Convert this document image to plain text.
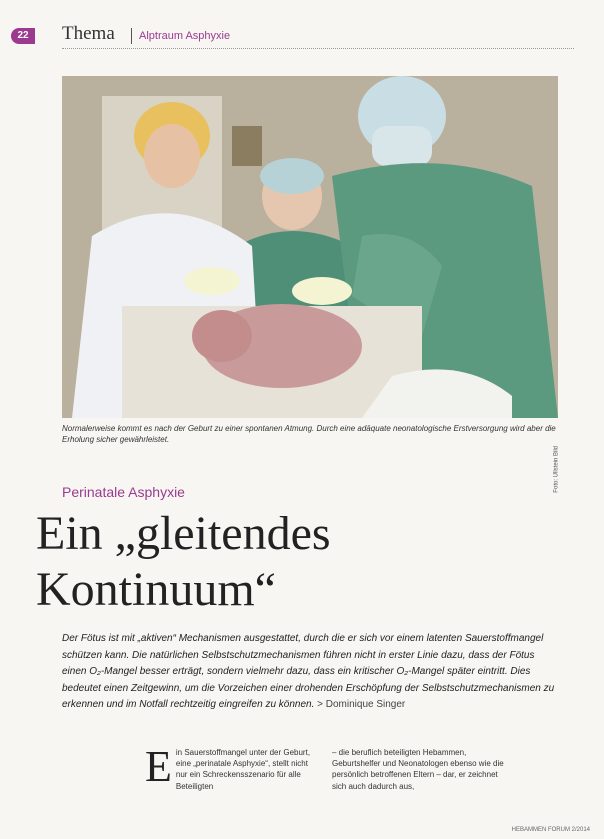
22	Thema Alptraum Asphyxie
Foto: Ullstein Bild
Normalerweise kommt es nach der Geburt zu einer spontanen Atmung. Durch eine adäquate neonatologische Erstversorgung wird aber die Erholung sicher gewährleistet.
Perinatale Asphyxie
Ein „gleitendes
Kontinuum“

Der Fötus ist mit „aktiven“ Mechanismen ausgestattet, durch die er sich vor einem latenten Sauerstoffmangel schützen kann. Die natürlichen Selbstschutzmechanismen führen nicht in erster Linie dazu, dass der Fötus einen O₂-Mangel besser erträgt, sondern vielmehr dazu, dass ein kritischer O₂-Mangel später eintritt. Dies bedeutet einen Zeitgewinn, um die Vorzeichen einer drohenden Erschöpfung der Selbstschutzmechanismen zu erkennen und im Notfall rechtzeitig eingreifen zu können. > Dominique Singer

E in Sauerstoffmangel unter der Geburt, eine „perinatale Asphyxie“, stellt nicht nur ein Schreckensszenario für alle Beteiligten

– die beruflich beteiligten Hebammen, Geburtshelfer und Neonatologen ebenso wie die persönlich betroffenen Eltern – dar, er zeichnet sich auch dadurch aus,

HEBAMMEN FORUM 2/2014
